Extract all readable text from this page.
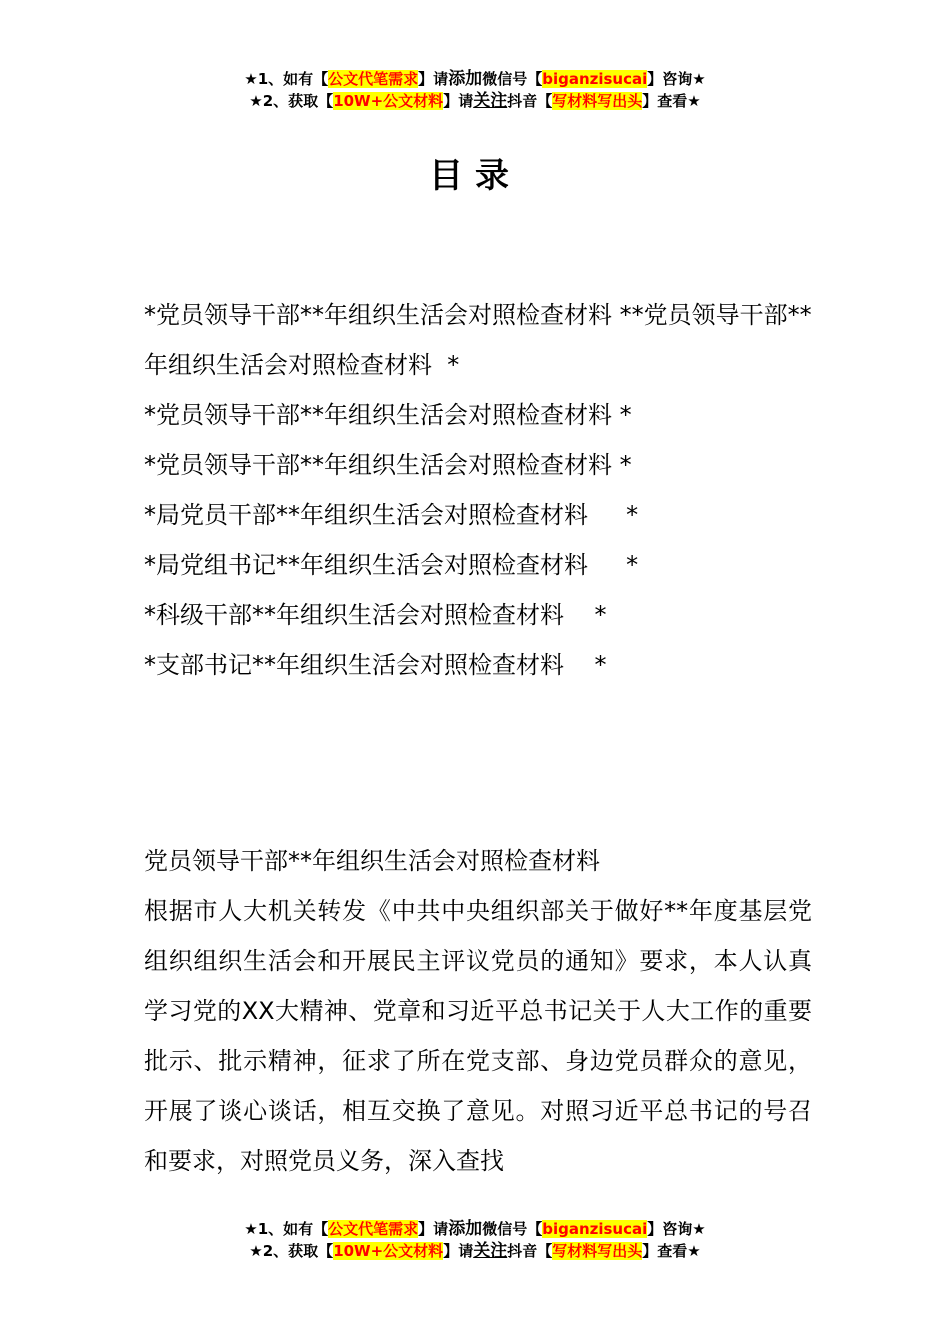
★1、如有【公文代笔需求】请添加微信号【biganzisucai】咨询★
★2、获取【10W+公文材料】请关注抖音【写材料写出头】查看★
目录
*党员领导干部**年组织生活会对照检查材料 **党员领导干部**年组织生活会对照检查材料  *
*党员领导干部**年组织生活会对照检查材料 *
*党员领导干部**年组织生活会对照检查材料 *
*局党员干部**年组织生活会对照检查材料     *
*局党组书记**年组织生活会对照检查材料     *
*科级干部**年组织生活会对照检查材料    *
*支部书记**年组织生活会对照检查材料    *

党员领导干部**年组织生活会对照检查材料

根据市人大机关转发《中共中央组织部关于做好**年度基层党组织组织生活会和开展民主评议党员的通知》要求，本人认真学习党的XX大精神、党章和习近平总书记关于人大工作的重要批示、批示精神，征求了所在党支部、身边党员群众的意见，开展了谈心谈话，相互交换了意见。对照习近平总书记的号召和要求，对照党员义务，深入查找

★1、如有【公文代笔需求】请添加微信号【biganzisucai】咨询★
★2、获取【10W+公文材料】请关注抖音【写材料写出头】查看★
